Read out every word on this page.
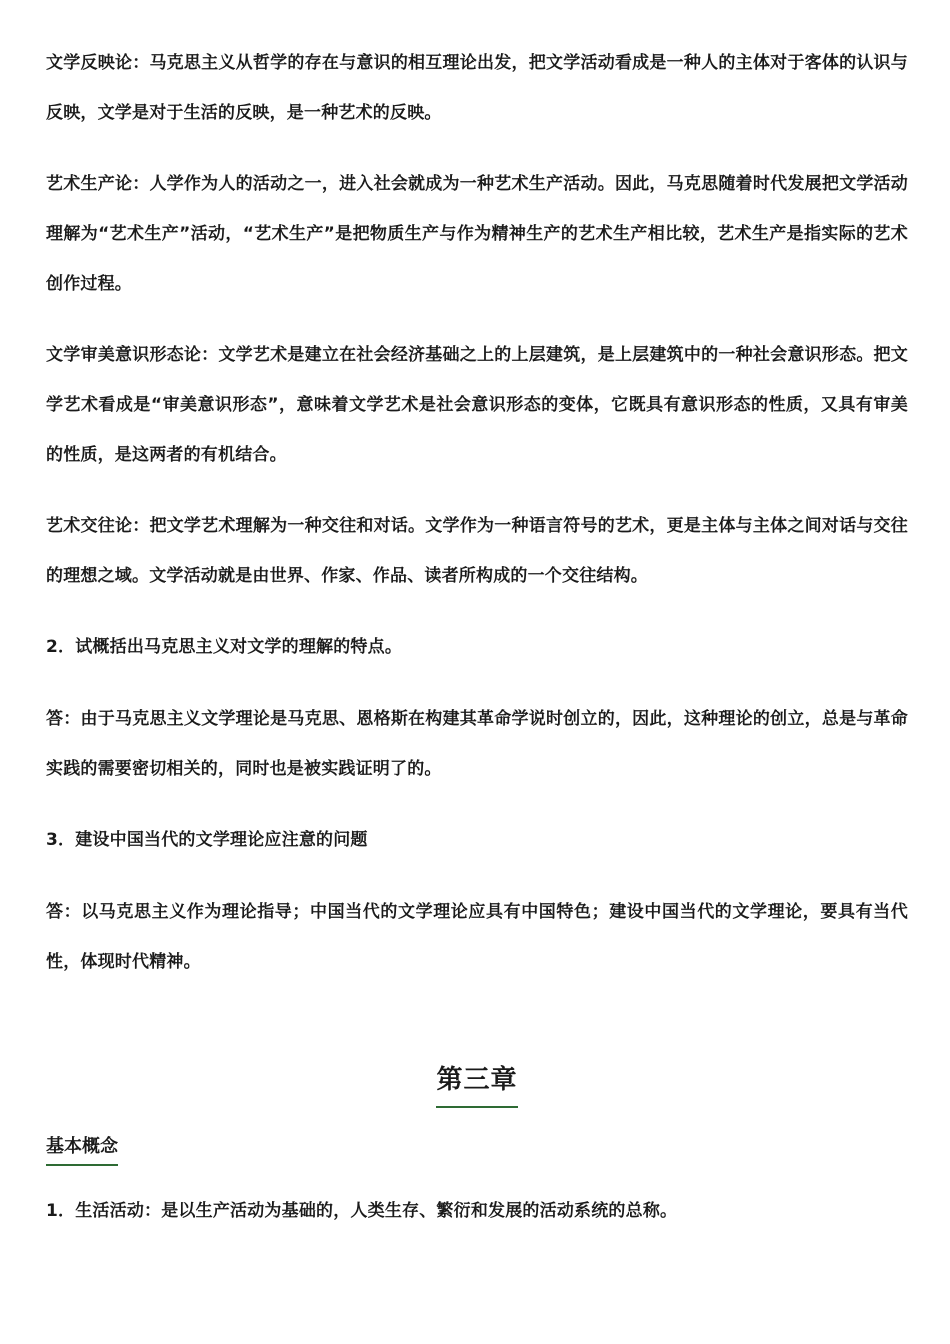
文学反映论：马克思主义从哲学的存在与意识的相互理论出发，把文学活动看成是一种人的主体对于客体的认识与反映，文学是对于生活的反映，是一种艺术的反映。

艺术生产论：人学作为人的活动之一，进入社会就成为一种艺术生产活动。因此，马克思随着时代发展把文学活动理解为“艺术生产”活动，“艺术生产”是把物质生产与作为精神生产的艺术生产相比较，艺术生产是指实际的艺术创作过程。

文学审美意识形态论：文学艺术是建立在社会经济基础之上的上层建筑，是上层建筑中的一种社会意识形态。把文学艺术看成是“审美意识形态”，意味着文学艺术是社会意识形态的变体，它既具有意识形态的性质，又具有审美的性质，是这两者的有机结合。

艺术交往论：把文学艺术理解为一种交往和对话。文学作为一种语言符号的艺术，更是主体与主体之间对话与交往的理想之域。文学活动就是由世界、作家、作品、读者所构成的一个交往结构。

2．试概括出马克思主义对文学的理解的特点。

答：由于马克思主义文学理论是马克思、恩格斯在构建其革命学说时创立的，因此，这种理论的创立，总是与革命实践的需要密切相关的，同时也是被实践证明了的。

3．建设中国当代的文学理论应注意的问题

答：以马克思主义作为理论指导；中国当代的文学理论应具有中国特色；建设中国当代的文学理论，要具有当代性，体现时代精神。

第三章
基本概念

1．生活活动：是以生产活动为基础的，人类生存、繁衍和发展的活动系统的总称。
